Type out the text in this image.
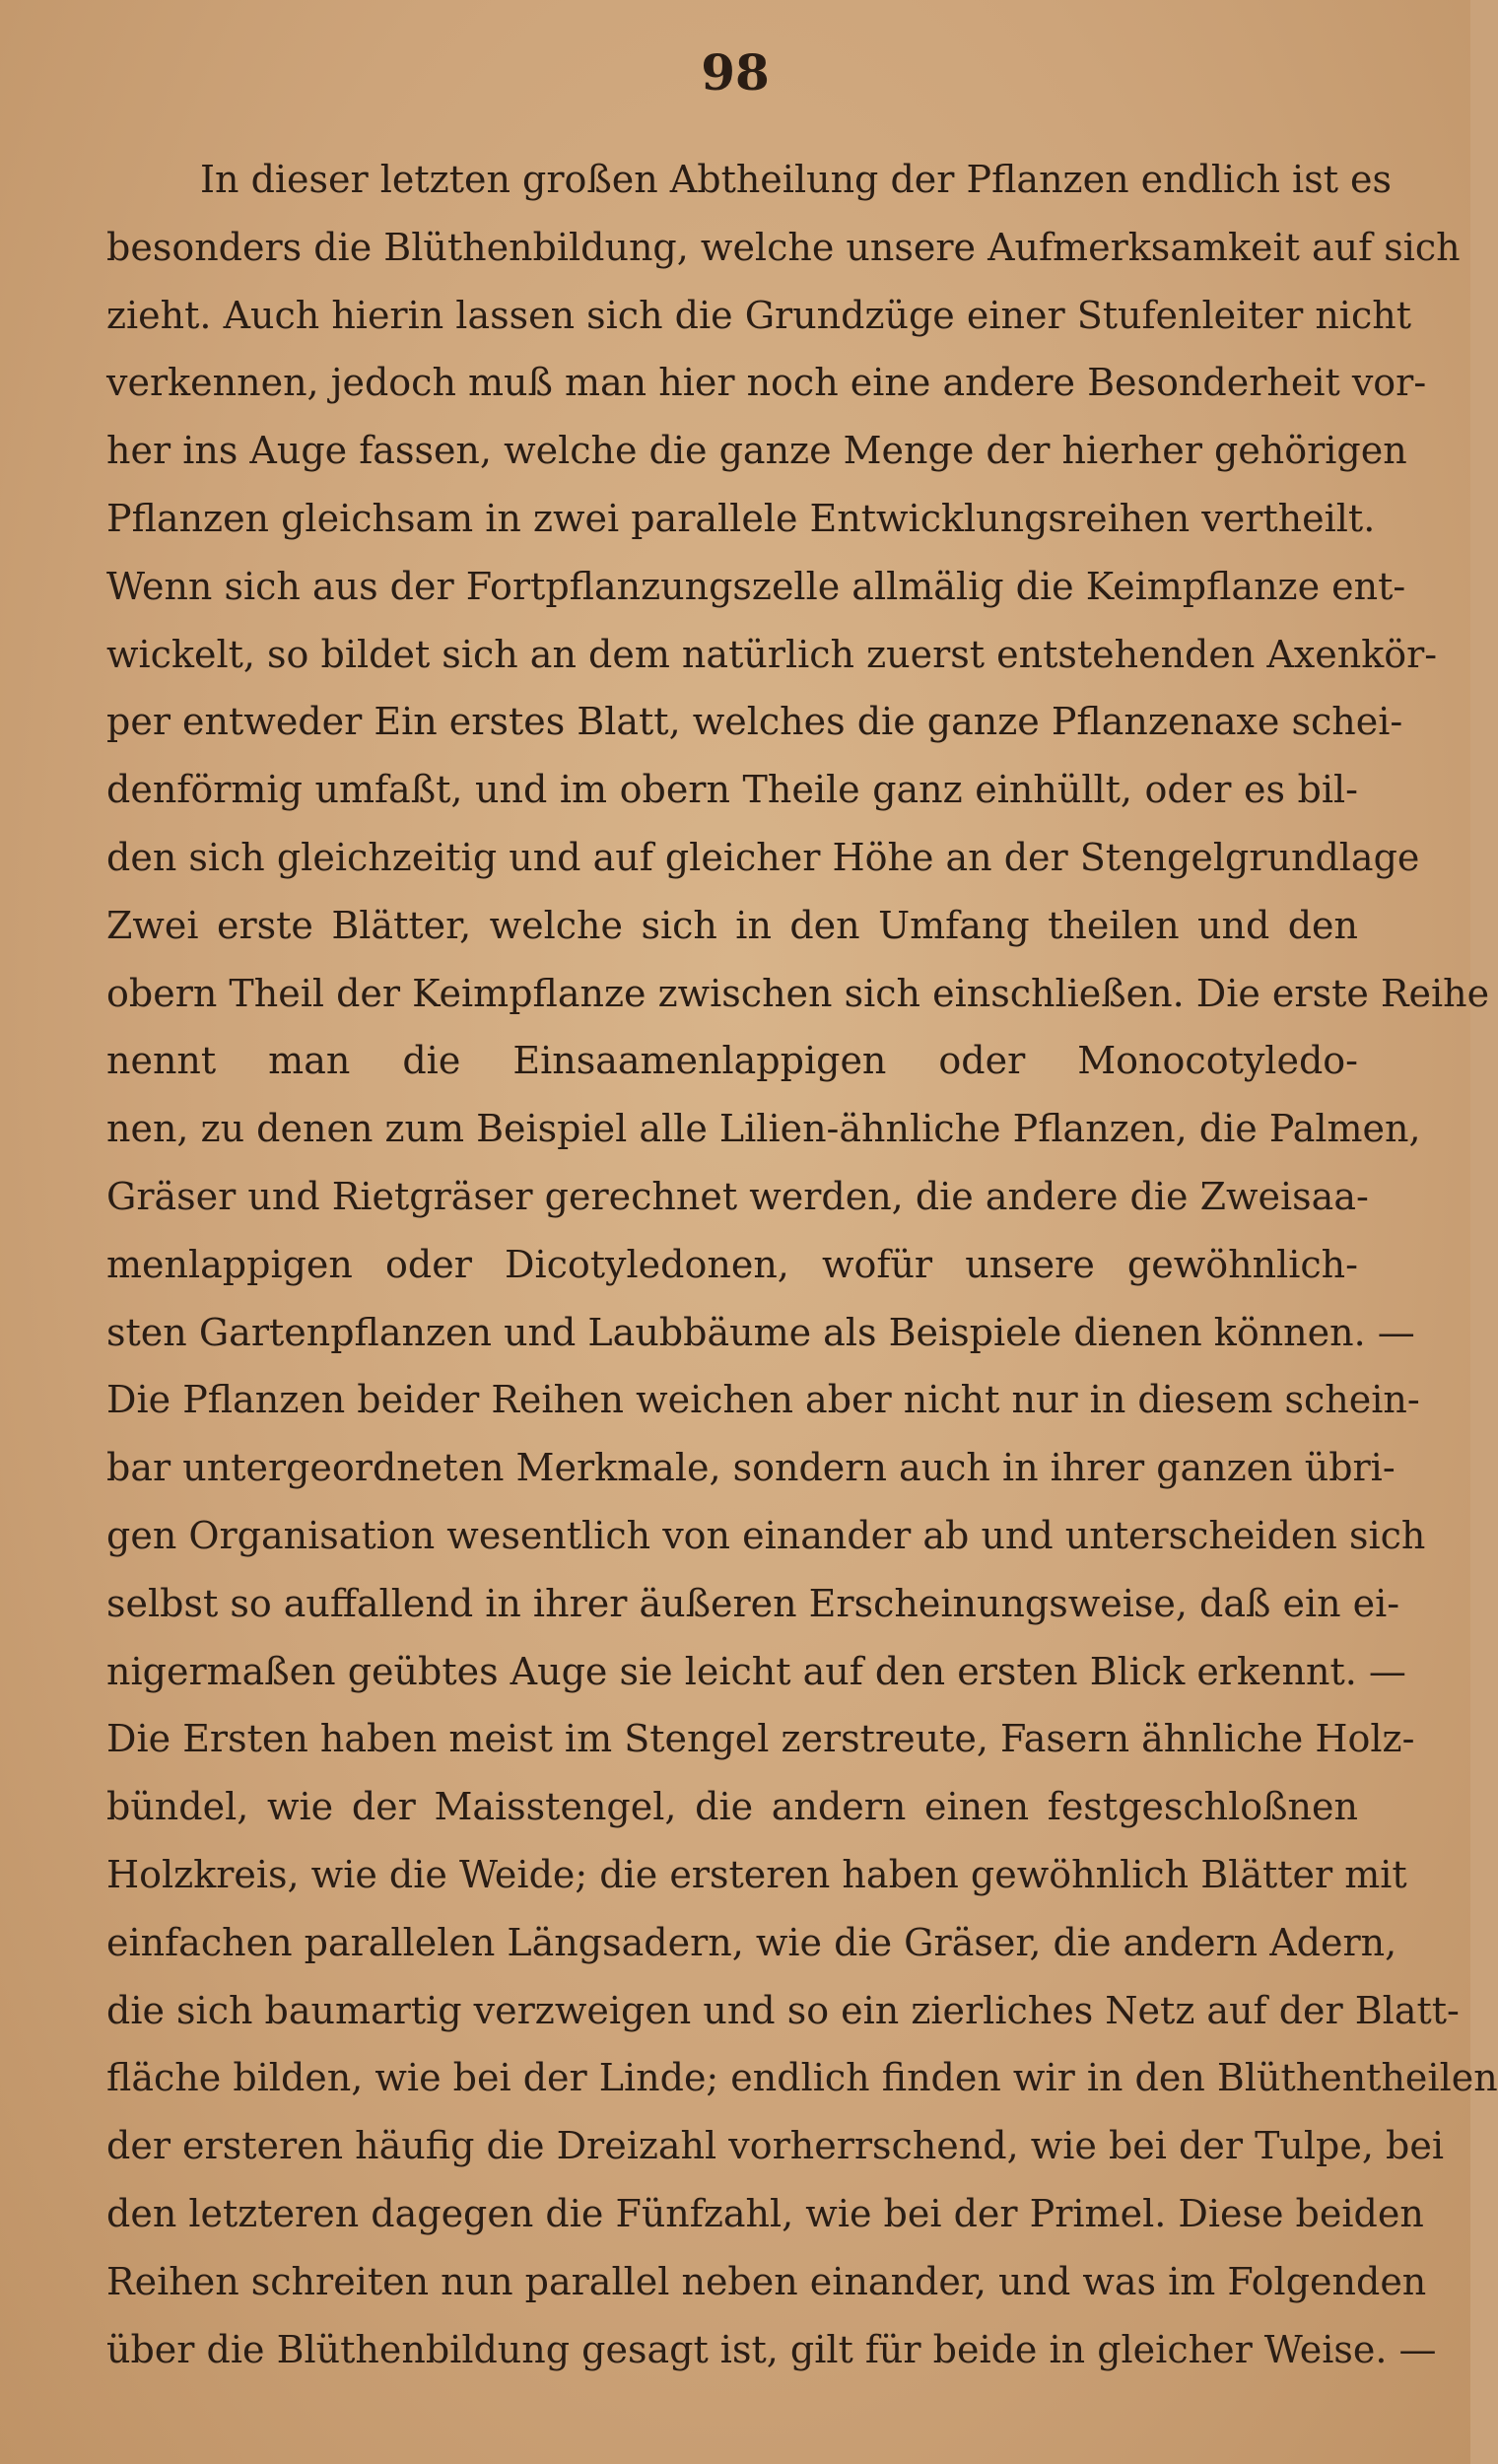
98
In dieser letzten großen Abtheilung der Pflanzen endlich ist es
besonders die Blüthenbildung, welche unsere Aufmerksamkeit auf sich
zieht. Auch hierin lassen sich die Grundzüge einer Stufenleiter nicht
verkennen, jedoch muß man hier noch eine andere Besonderheit vor-
her ins Auge fassen, welche die ganze Menge der hierher gehörigen
Pflanzen gleichsam in zwei parallele Entwicklungsreihen vertheilt.
Wenn sich aus der Fortpflanzungszelle allmälig die Keimpflanze ent-
wickelt, so bildet sich an dem natürlich zuerst entstehenden Axenkör-
per entweder Ein erstes Blatt, welches die ganze Pflanzenaxe schei-
denförmig umfaßt, und im obern Theile ganz einhüllt, oder es bil-
den sich gleichzeitig und auf gleicher Höhe an der Stengelgrundlage
Zwei erste Blätter, welche sich in den Umfang theilen und den
obern Theil der Keimpflanze zwischen sich einschließen. Die erste Reihe
nennt man die Einsaamenlappigen oder Monocotyledo-
nen, zu denen zum Beispiel alle Lilien-ähnliche Pflanzen, die Palmen,
Gräser und Rietgräser gerechnet werden, die andere die Zweisaa-
menlappigen oder Dicotyledonen, wofür unsere gewöhnlich-
sten Gartenpflanzen und Laubbäume als Beispiele dienen können. —
Die Pflanzen beider Reihen weichen aber nicht nur in diesem schein-
bar untergeordneten Merkmale, sondern auch in ihrer ganzen übri-
gen Organisation wesentlich von einander ab und unterscheiden sich
selbst so auffallend in ihrer äußeren Erscheinungsweise, daß ein ei-
nigermaßen geübtes Auge sie leicht auf den ersten Blick erkennt. —
Die Ersten haben meist im Stengel zerstreute, Fasern ähnliche Holz-
bündel, wie der Maisstengel, die andern einen festgeschloßnen
Holzkreis, wie die Weide; die ersteren haben gewöhnlich Blätter mit
einfachen parallelen Längsadern, wie die Gräser, die andern Adern,
die sich baumartig verzweigen und so ein zierliches Netz auf der Blatt-
fläche bilden, wie bei der Linde; endlich finden wir in den Blüthentheilen
der ersteren häufig die Dreizahl vorherrschend, wie bei der Tulpe, bei
den letzteren dagegen die Fünfzahl, wie bei der Primel. Diese beiden
Reihen schreiten nun parallel neben einander, und was im Folgenden
über die Blüthenbildung gesagt ist, gilt für beide in gleicher Weise. —
